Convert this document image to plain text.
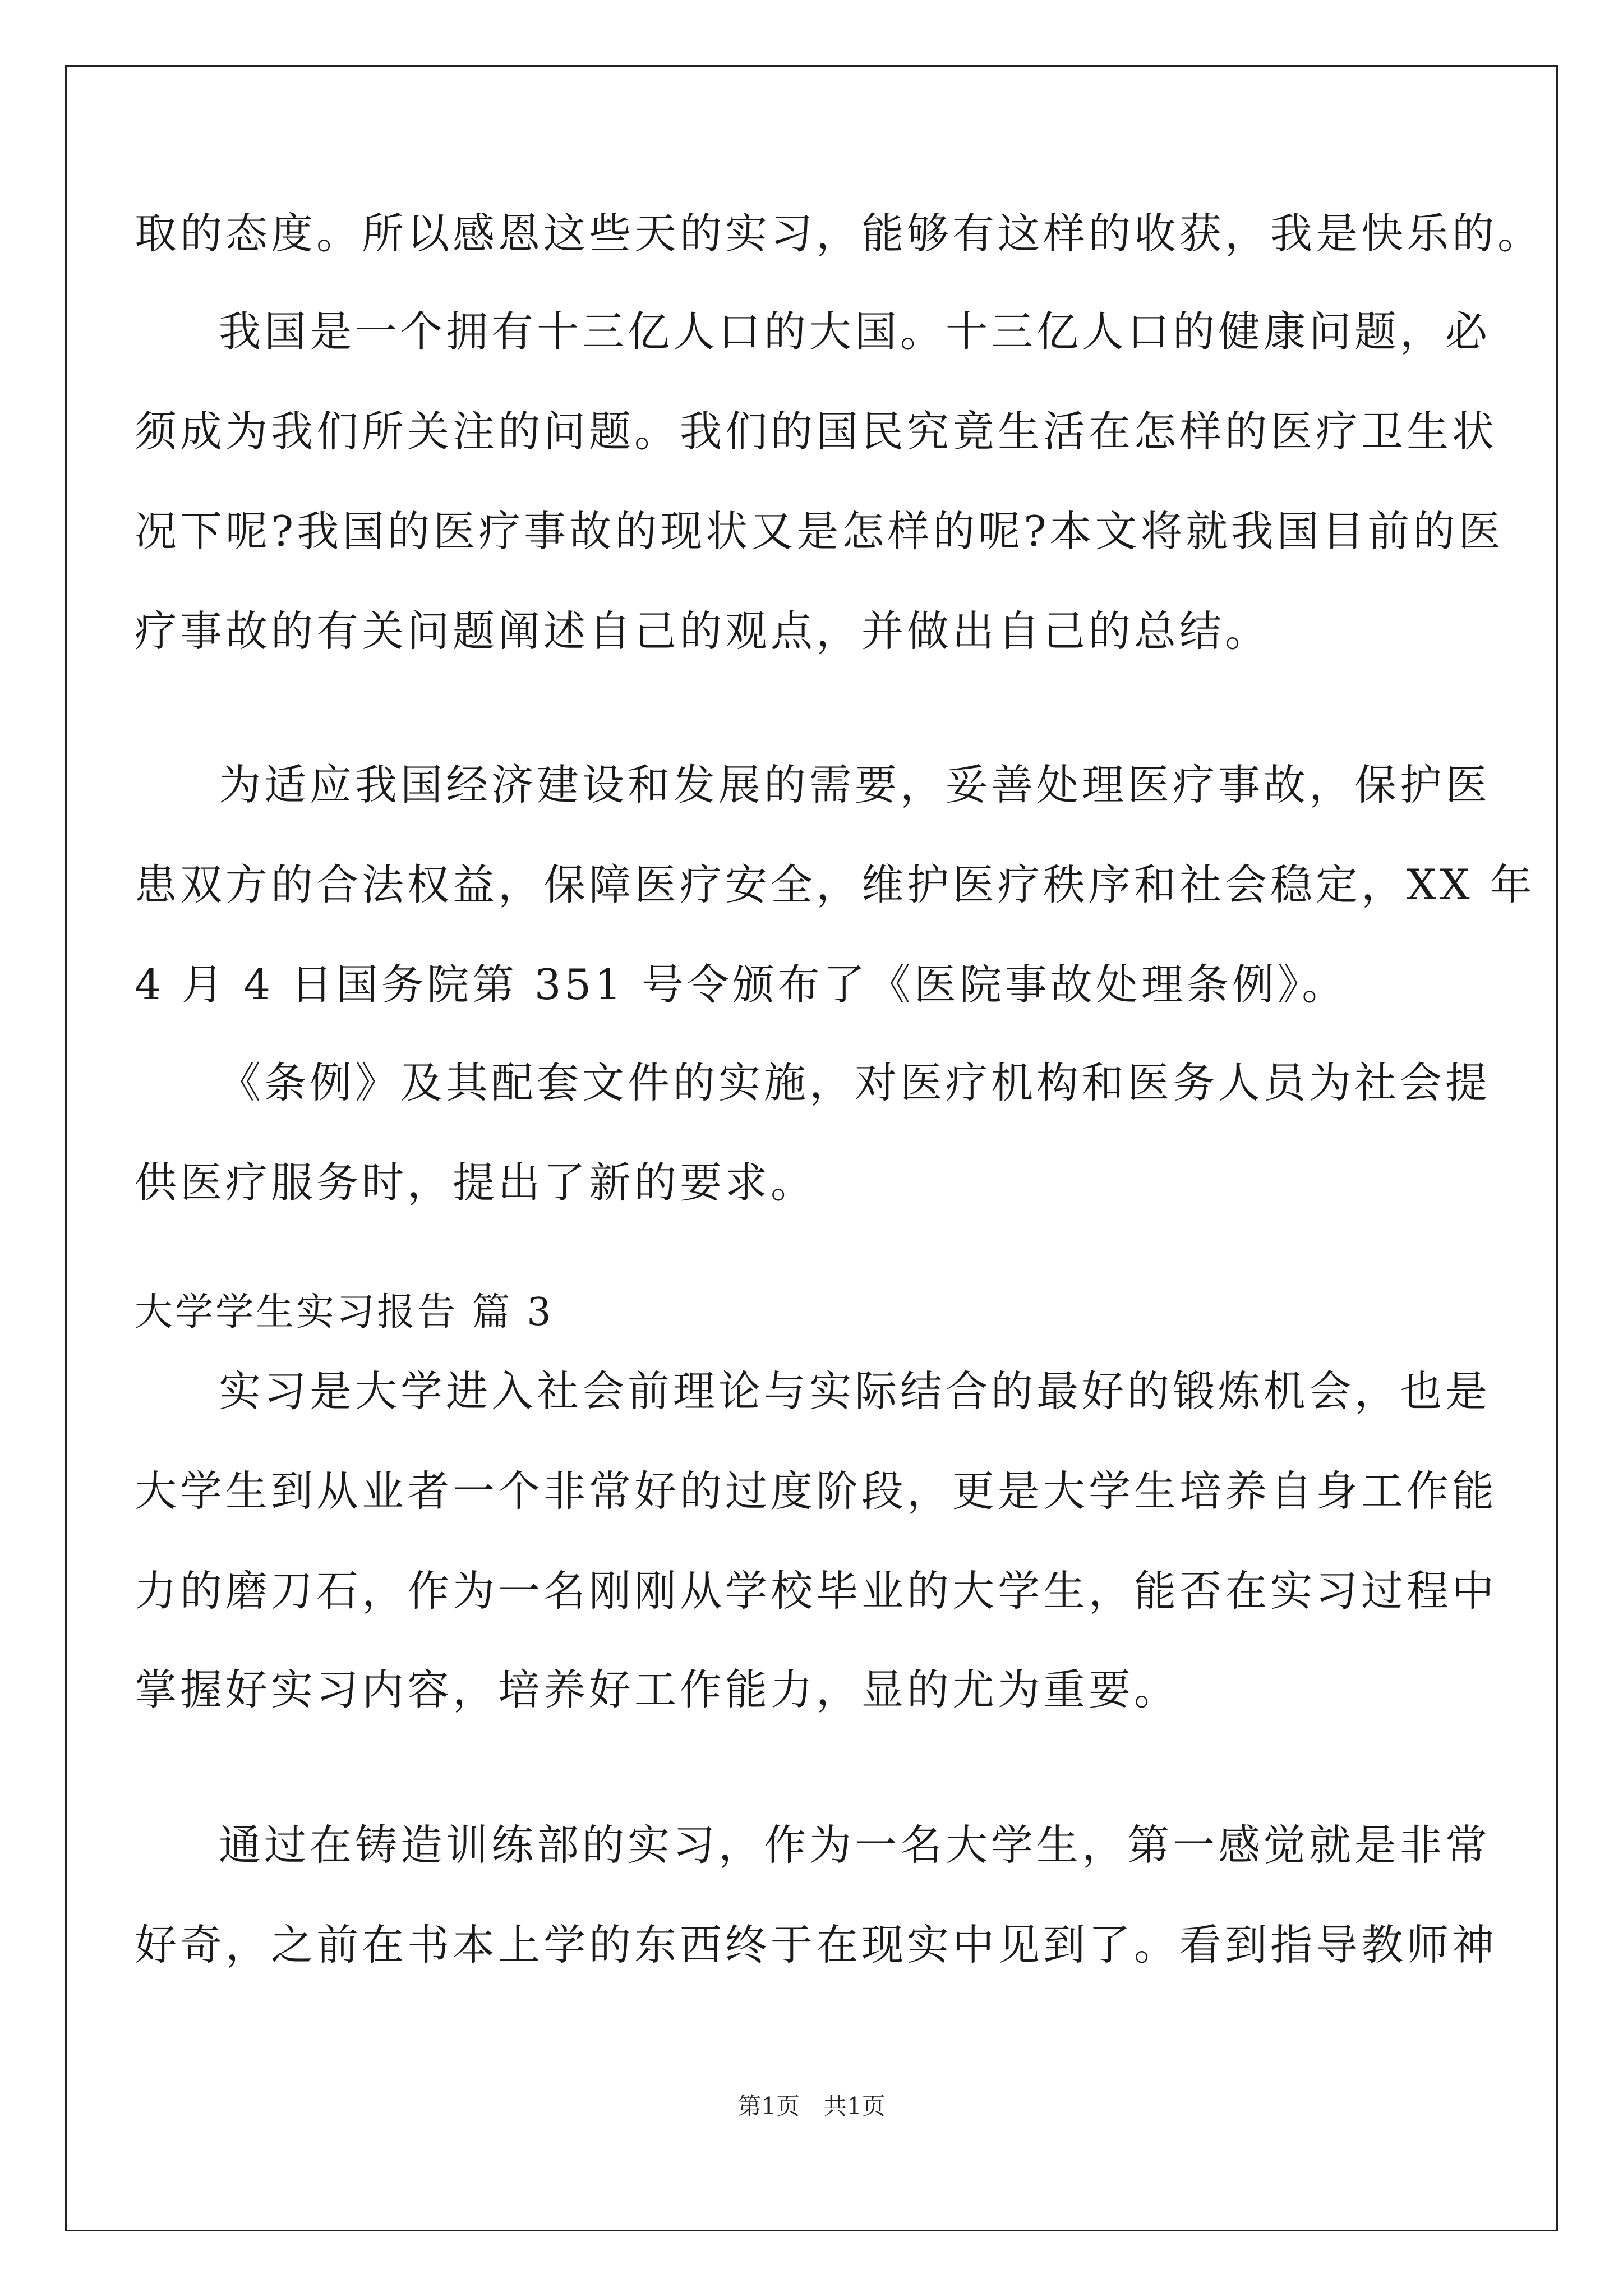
取的态度。所以感恩这些天的实习，能够有这样的收获，我是快乐的。
我国是一个拥有十三亿人口的大国。十三亿人口的健康问题，必
须成为我们所关注的问题。我们的国民究竟生活在怎样的医疗卫生状
况下呢?我国的医疗事故的现状又是怎样的呢?本文将就我国目前的医
疗事故的有关问题阐述自己的观点，并做出自己的总结。
为适应我国经济建设和发展的需要，妥善处理医疗事故，保护医
患双方的合法权益，保障医疗安全，维护医疗秩序和社会稳定，XX 年
4 月 4 日国务院第 351 号令颁布了《医院事故处理条例》。
《条例》及其配套文件的实施，对医疗机构和医务人员为社会提
供医疗服务时，提出了新的要求。
大学学生实习报告 篇 3
实习是大学进入社会前理论与实际结合的最好的锻炼机会，也是
大学生到从业者一个非常好的过度阶段，更是大学生培养自身工作能
力的磨刀石，作为一名刚刚从学校毕业的大学生，能否在实习过程中
掌握好实习内容，培养好工作能力，显的尤为重要。
通过在铸造训练部的实习，作为一名大学生，第一感觉就是非常
好奇，之前在书本上学的东西终于在现实中见到了。看到指导教师神
第1页 共1页
